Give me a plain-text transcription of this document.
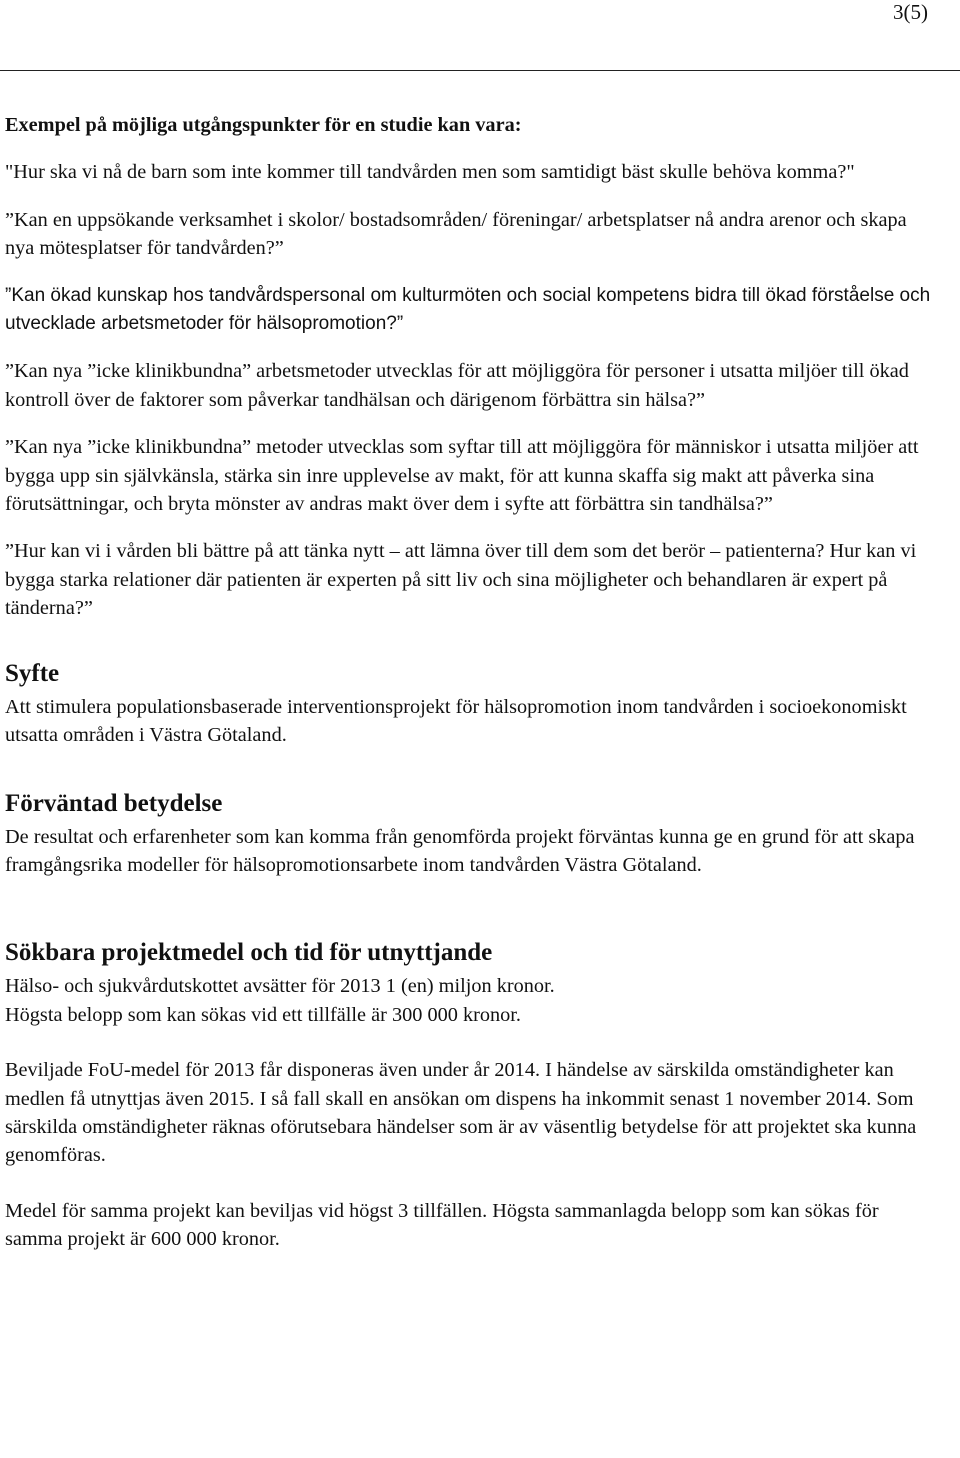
3(5)

Exempel på möjliga utgångspunkter för en studie kan vara:

"Hur ska vi nå de barn som inte kommer till tandvården men som samtidigt bäst skulle behöva komma?"

”Kan en uppsökande verksamhet i skolor/ bostadsområden/ föreningar/ arbetsplatser nå andra arenor och skapa nya mötesplatser för tandvården?”

”Kan ökad kunskap hos tandvårdspersonal om kulturmöten och social kompetens bidra till ökad förståelse och utvecklade arbetsmetoder för hälsopromotion?”

”Kan nya ”icke klinikbundna” arbetsmetoder utvecklas för att möjliggöra för personer i utsatta miljöer till ökad kontroll över de faktorer som påverkar tandhälsan och därigenom förbättra sin hälsa?”

”Kan nya ”icke klinikbundna” metoder utvecklas som syftar till att möjliggöra för människor i utsatta miljöer att bygga upp sin självkänsla, stärka sin inre upplevelse av makt, för att kunna skaffa sig makt att påverka sina förutsättningar, och bryta mönster av andras makt över dem i syfte att förbättra sin tandhälsa?”

”Hur kan vi i vården bli bättre på att tänka nytt – att lämna över till dem som det berör – patienterna? Hur kan vi bygga starka relationer där patienten är experten på sitt liv och sina möjligheter och behandlaren är expert på tänderna?”

Syfte

Att stimulera populationsbaserade interventionsprojekt för hälsopromotion inom tandvården i socioekonomiskt utsatta områden i Västra Götaland.

Förväntad betydelse

De resultat och erfarenheter som kan komma från genomförda projekt förväntas kunna ge en grund för att skapa framgångsrika modeller för hälsopromotionsarbete inom tandvården Västra Götaland.

Sökbara projektmedel och tid för utnyttjande

Hälso- och sjukvårdutskottet avsätter för 2013 1 (en) miljon kronor.

Högsta belopp som kan sökas vid ett tillfälle är 300 000 kronor.

Beviljade FoU-medel för 2013 får disponeras även under år 2014. I händelse av särskilda omständigheter kan medlen få utnyttjas även 2015. I så fall skall en ansökan om dispens ha inkommit senast 1 november 2014. Som särskilda omständigheter räknas oförutsebara händelser som är av väsentlig betydelse för att projektet ska kunna genomföras.

Medel för samma projekt kan beviljas vid högst 3 tillfällen. Högsta sammanlagda belopp som kan sökas för samma projekt är 600 000 kronor.
